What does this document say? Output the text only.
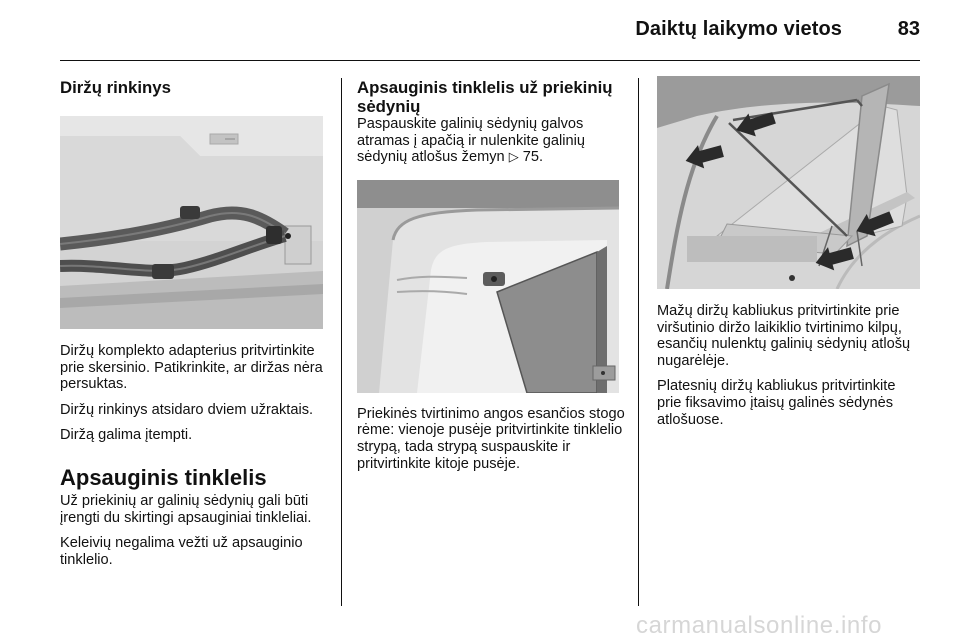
Daiktų laikymo vietos	83
Diržų rinkinys

Diržų komplekto adapterius pritvirtinkite prie skersinio. Patikrinkite, ar diržas nėra persuktas.

Diržų rinkinys atsidaro dviem užraktais.

Diržą galima įtempti.

Apsauginis tinklelis

Už priekinių ar galinių sėdynių gali būti įrengti du skirtingi apsauginiai tinkleliai.

Keleivių negalima vežti už apsauginio tinklelio.

Apsauginis tinklelis už priekinių sėdynių

Paspauskite galinių sėdynių galvos atramas į apačią ir nulenkite galinių sėdynių atlošus žemyn ▷ 75.

Priekinės tvirtinimo angos esančios stogo rėme: vienoje pusėje pritvirtinkite tinklelio strypą, tada strypą suspauskite ir pritvirtinkite kitoje pusėje.

Mažų diržų kabliukus pritvirtinkite prie viršutinio diržo laikiklio tvirtinimo kilpų, esančių nulenktų galinių sėdynių atlošų nugarėlėje.

Platesnių diržų kabliukus pritvirtinkite prie fiksavimo įtaisų galinės sėdynės atlošuose.

carmanualsonline.info
